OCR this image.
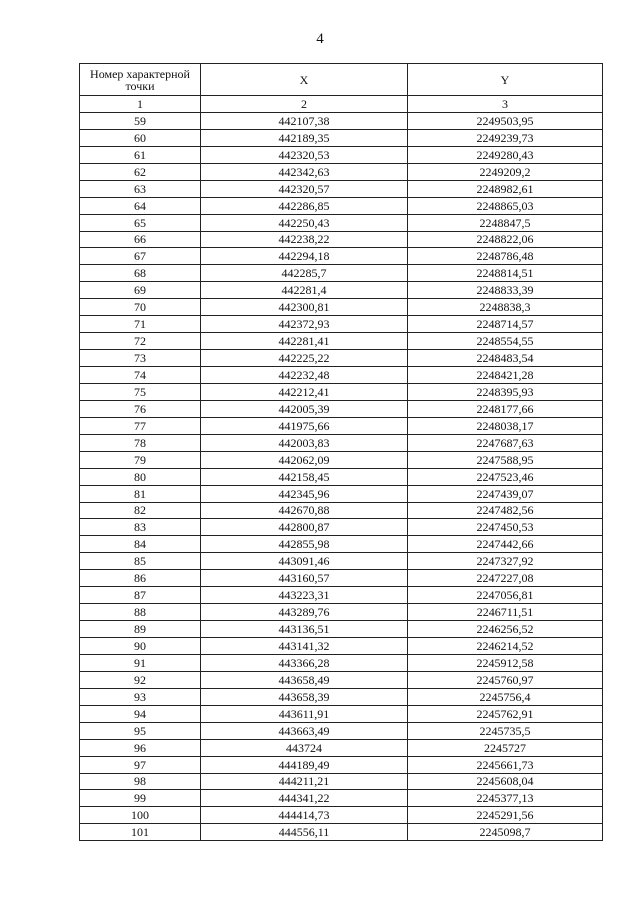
4
Номер характерной точки	X	Y
1	2	3
59	442107,38	2249503,95
60	442189,35	2249239,73
61	442320,53	2249280,43
62	442342,63	2249209,2
63	442320,57	2248982,61
64	442286,85	2248865,03
65	442250,43	2248847,5
66	442238,22	2248822,06
67	442294,18	2248786,48
68	442285,7	2248814,51
69	442281,4	2248833,39
70	442300,81	2248838,3
71	442372,93	2248714,57
72	442281,41	2248554,55
73	442225,22	2248483,54
74	442232,48	2248421,28
75	442212,41	2248395,93
76	442005,39	2248177,66
77	441975,66	2248038,17
78	442003,83	2247687,63
79	442062,09	2247588,95
80	442158,45	2247523,46
81	442345,96	2247439,07
82	442670,88	2247482,56
83	442800,87	2247450,53
84	442855,98	2247442,66
85	443091,46	2247327,92
86	443160,57	2247227,08
87	443223,31	2247056,81
88	443289,76	2246711,51
89	443136,51	2246256,52
90	443141,32	2246214,52
91	443366,28	2245912,58
92	443658,49	2245760,97
93	443658,39	2245756,4
94	443611,91	2245762,91
95	443663,49	2245735,5
96	443724	2245727
97	444189,49	2245661,73
98	444211,21	2245608,04
99	444341,22	2245377,13
100	444414,73	2245291,56
101	444556,11	2245098,7
